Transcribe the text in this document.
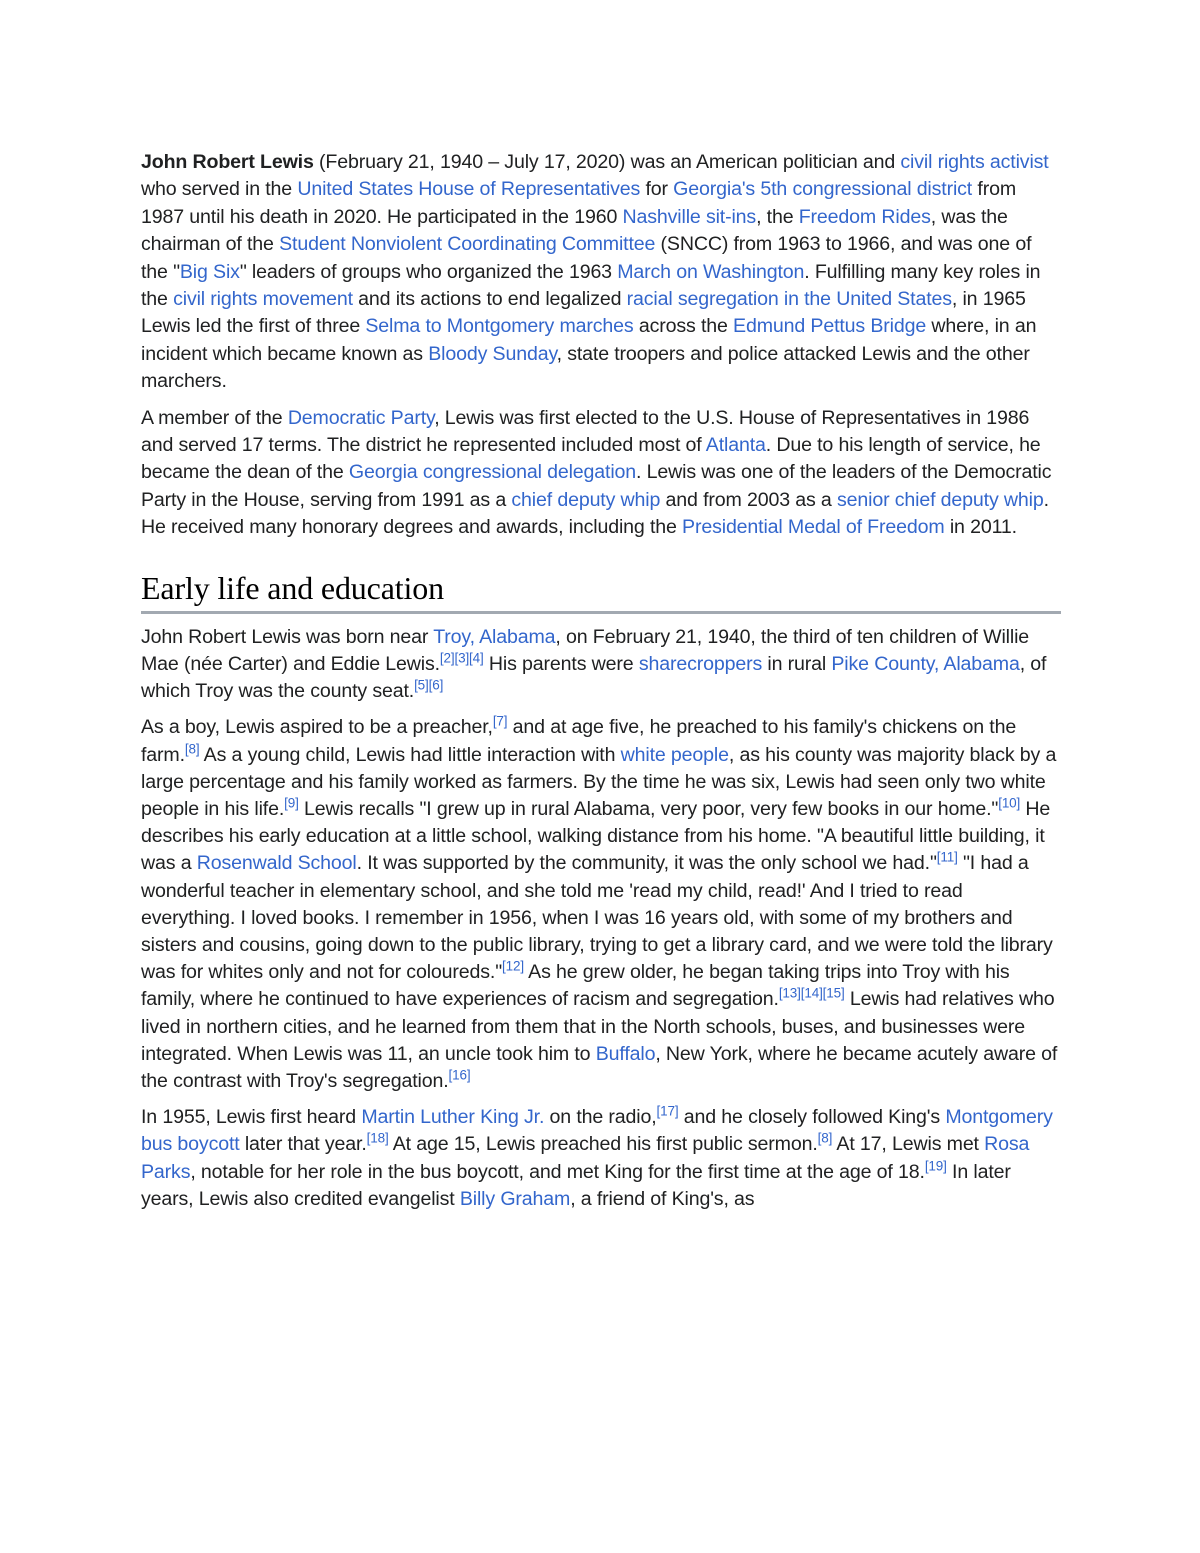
John Robert Lewis (February 21, 1940 – July 17, 2020) was an American politician and civil rights activist who served in the United States House of Representatives for Georgia's 5th congressional district from 1987 until his death in 2020. He participated in the 1960 Nashville sit-ins, the Freedom Rides, was the chairman of the Student Nonviolent Coordinating Committee (SNCC) from 1963 to 1966, and was one of the "Big Six" leaders of groups who organized the 1963 March on Washington. Fulfilling many key roles in the civil rights movement and its actions to end legalized racial segregation in the United States, in 1965 Lewis led the first of three Selma to Montgomery marches across the Edmund Pettus Bridge where, in an incident which became known as Bloody Sunday, state troopers and police attacked Lewis and the other marchers.

A member of the Democratic Party, Lewis was first elected to the U.S. House of Representatives in 1986 and served 17 terms. The district he represented included most of Atlanta. Due to his length of service, he became the dean of the Georgia congressional delegation. Lewis was one of the leaders of the Democratic Party in the House, serving from 1991 as a chief deputy whip and from 2003 as a senior chief deputy whip. He received many honorary degrees and awards, including the Presidential Medal of Freedom in 2011.

Early life and education

John Robert Lewis was born near Troy, Alabama, on February 21, 1940, the third of ten children of Willie Mae (née Carter) and Eddie Lewis.[2][3][4] His parents were sharecroppers in rural Pike County, Alabama, of which Troy was the county seat.[5][6]

As a boy, Lewis aspired to be a preacher,[7] and at age five, he preached to his family's chickens on the farm.[8] As a young child, Lewis had little interaction with white people, as his county was majority black by a large percentage and his family worked as farmers. By the time he was six, Lewis had seen only two white people in his life.[9] Lewis recalls "I grew up in rural Alabama, very poor, very few books in our home."[10] He describes his early education at a little school, walking distance from his home. "A beautiful little building, it was a Rosenwald School. It was supported by the community, it was the only school we had."[11] "I had a wonderful teacher in elementary school, and she told me 'read my child, read!' And I tried to read everything. I loved books. I remember in 1956, when I was 16 years old, with some of my brothers and sisters and cousins, going down to the public library, trying to get a library card, and we were told the library was for whites only and not for coloureds."[12] As he grew older, he began taking trips into Troy with his family, where he continued to have experiences of racism and segregation.[13][14][15] Lewis had relatives who lived in northern cities, and he learned from them that in the North schools, buses, and businesses were integrated. When Lewis was 11, an uncle took him to Buffalo, New York, where he became acutely aware of the contrast with Troy's segregation.[16]

In 1955, Lewis first heard Martin Luther King Jr. on the radio,[17] and he closely followed King's Montgomery bus boycott later that year.[18] At age 15, Lewis preached his first public sermon.[8] At 17, Lewis met Rosa Parks, notable for her role in the bus boycott, and met King for the first time at the age of 18.[19] In later years, Lewis also credited evangelist Billy Graham, a friend of King's, as
